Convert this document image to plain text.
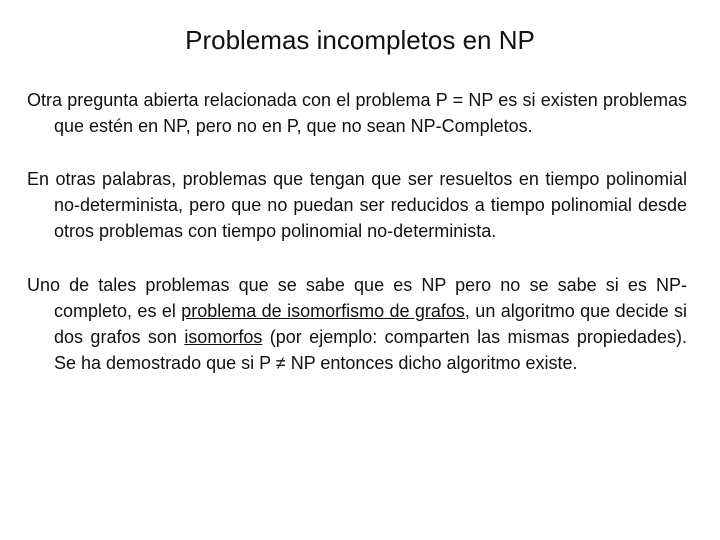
Problemas incompletos en NP

Otra pregunta abierta relacionada con el problema P = NP es si existen problemas que estén en NP, pero no en P, que no sean NP-Completos.

En otras palabras, problemas que tengan que ser resueltos en tiempo polinomial no-determinista, pero que no puedan ser reducidos a tiempo polinomial desde otros problemas con tiempo polinomial no-determinista.

Uno de tales problemas que se sabe que es NP pero no se sabe si es NP-completo, es el problema de isomorfismo de grafos, un algoritmo que decide si dos grafos son isomorfos (por ejemplo: comparten las mismas propiedades). Se ha demostrado que si P ≠ NP entonces dicho algoritmo existe.
